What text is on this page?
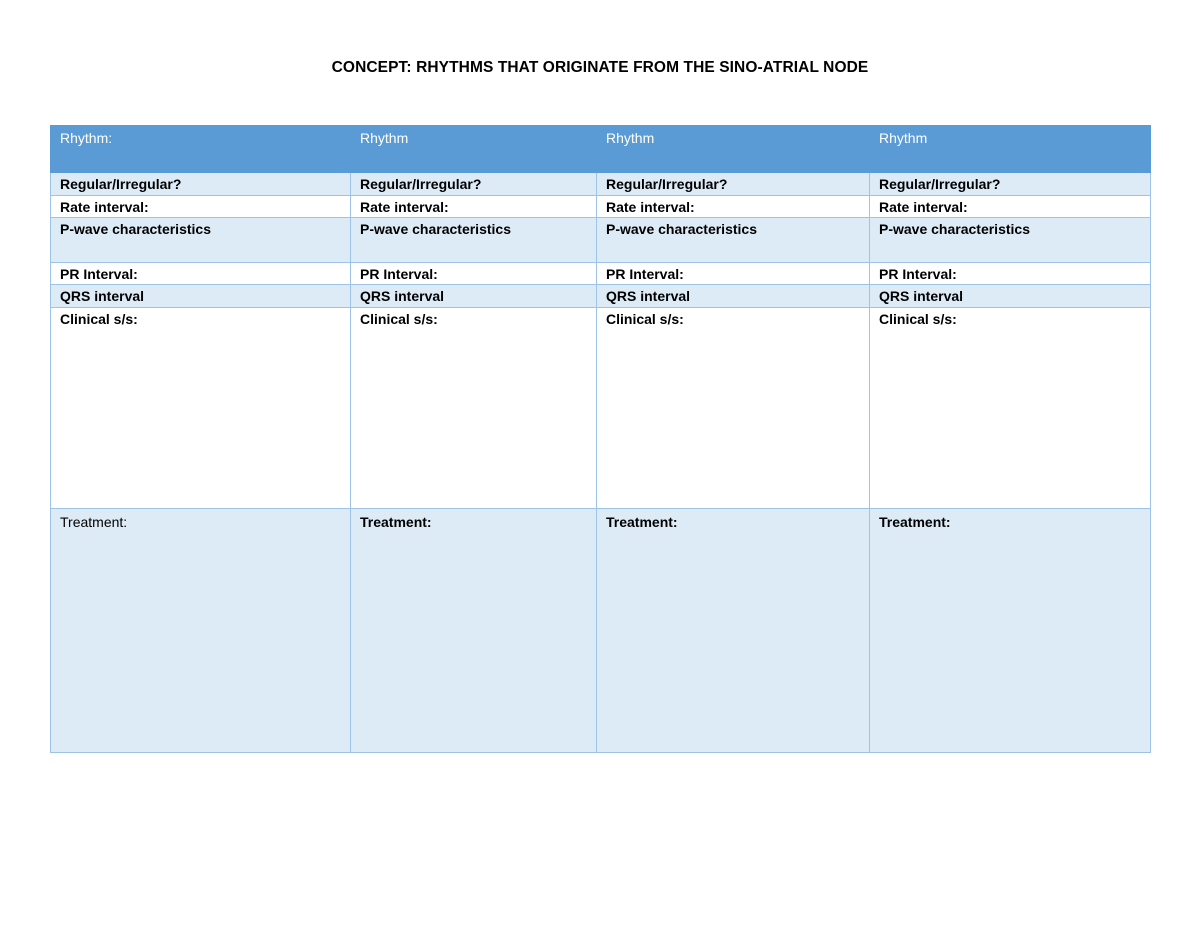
CONCEPT: RHYTHMS THAT ORIGINATE FROM THE SINO-ATRIAL NODE
Rhythm:	Rhythm	Rhythm	Rhythm
Regular/Irregular?	Regular/Irregular?	Regular/Irregular?	Regular/Irregular?
Rate interval:	Rate interval:	Rate interval:	Rate interval:
P-wave characteristics	P-wave characteristics	P-wave characteristics	P-wave characteristics
PR Interval:	PR Interval:	PR Interval:	PR Interval:
QRS interval	QRS interval	QRS interval	QRS interval
Clinical s/s:	Clinical s/s:	Clinical s/s:	Clinical s/s:
Treatment:	Treatment:	Treatment:	Treatment:
